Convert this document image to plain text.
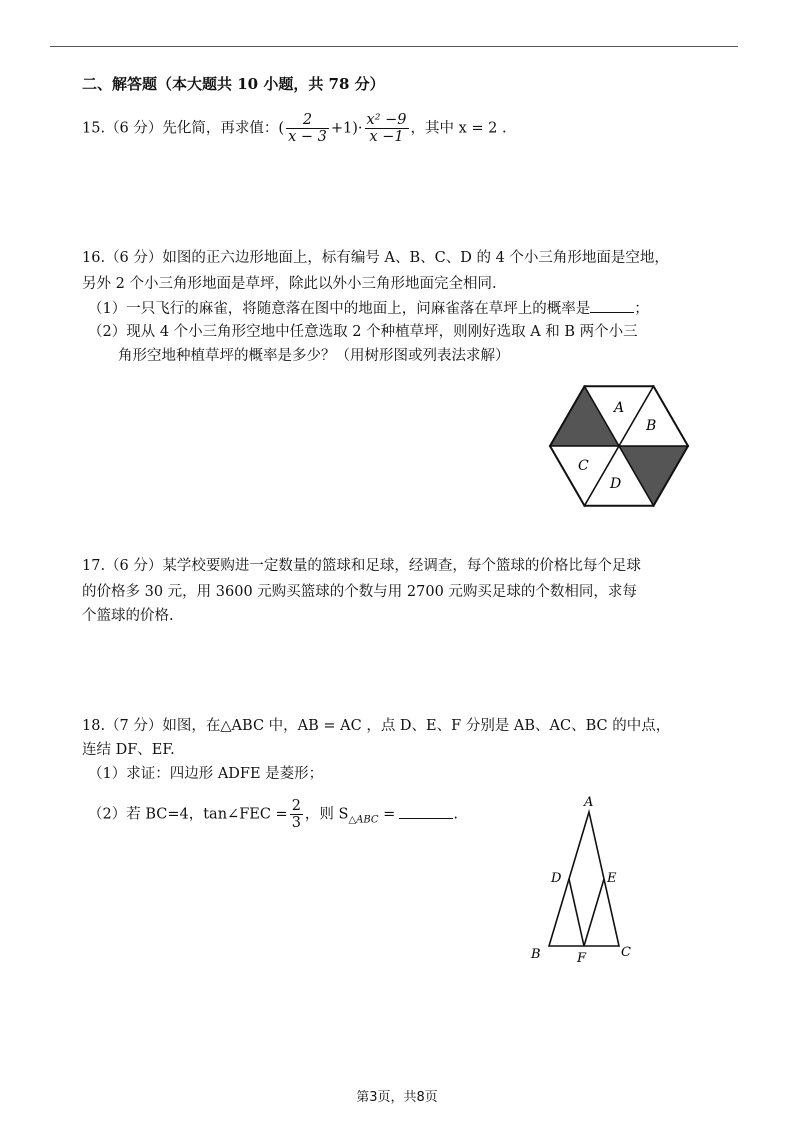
二、解答题（本大题共 10 小题，共 78 分）
15.（6 分）先化简，再求值：( $\frac{2}{x - 3} +1)\cdot \frac{\text{x² −9}}{x -1}$ ，其中 x = 2 .
16.（6 分）如图的正六边形地面上，标有编号 A、B、C、D 的 4 个小三角形地面是空地，
另外 2 个小三角形地面是草坪，除此以外小三角形地面完全相同.
（1）一只飞行的麻雀，将随意落在图中的地面上，问麻雀落在草坪上的概率是	；
（2）现从 4 个小三角形空地中任意选取 2 个种植草坪，则刚好选取 A 和 B 两个小三
角形空地种植草坪的概率是多少？（用树形图或列表法求解）
A
B
C
D
17.（6 分）某学校要购进一定数量的篮球和足球，经调查，每个篮球的价格比每个足球
的价格多 30 元，用 3600 元购买篮球的个数与用 2700 元购买足球的个数相同，求每
个篮球的价格.
18.（7 分）如图，在△ABC 中，AB = AC ，点 D、E、F 分别是 AB、AC、BC 的中点，
连结 DF、EF.
（1）求证：四边形 ADFE 是菱形；
（2）若 BC=4，tan∠FEC = $\frac{2}{3}$ ，则 $S_{\triangle ABC}$ =	.
A
B	C
D	E
F
第3页，共8页
